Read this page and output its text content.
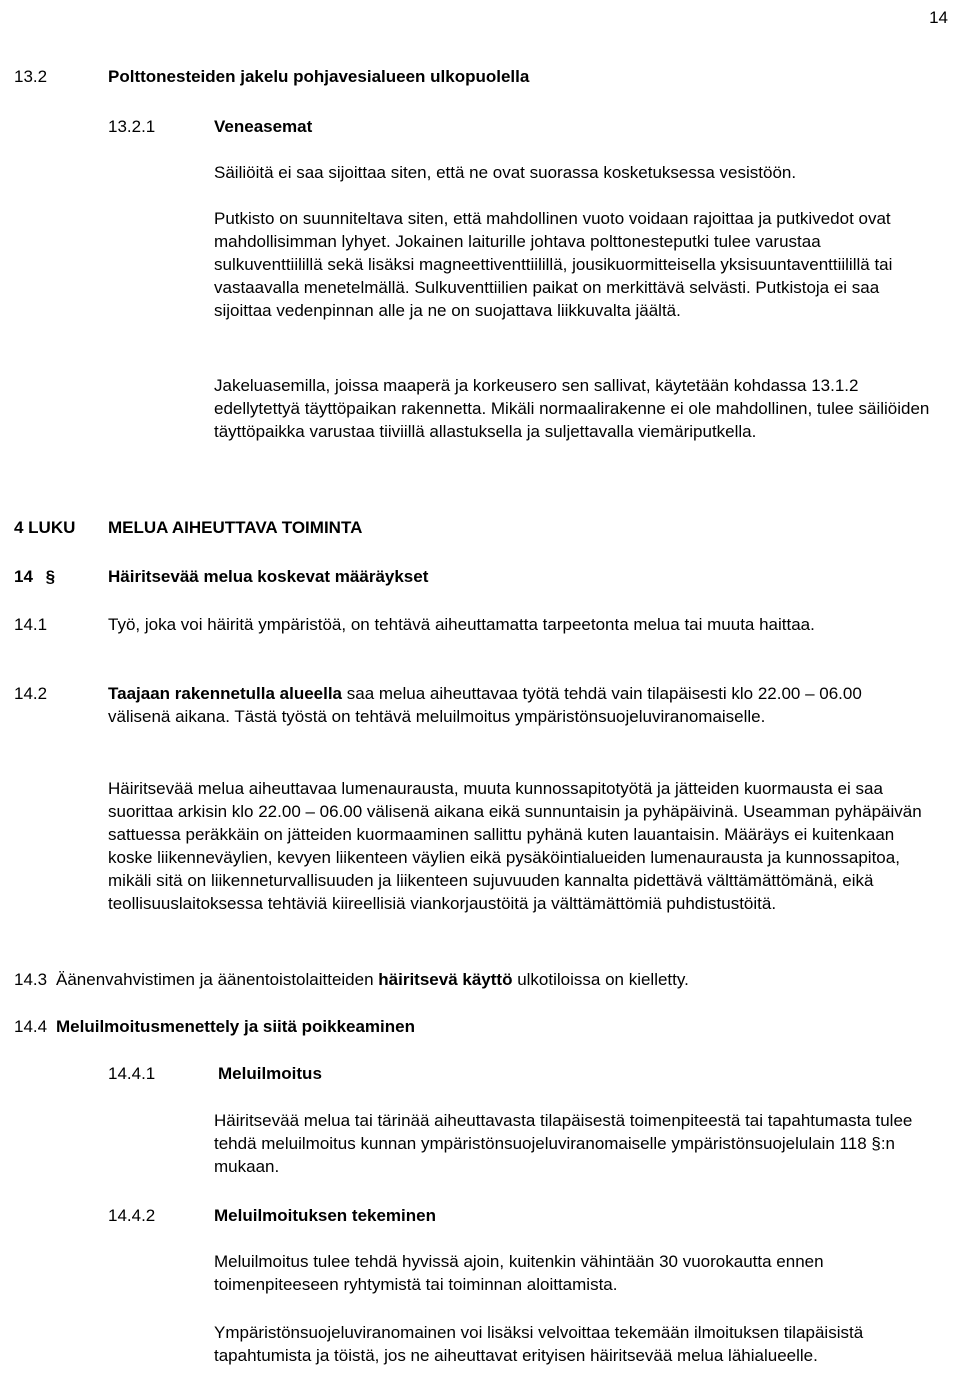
14
13.2	Polttonesteiden jakelu pohjavesialueen ulkopuolella
13.2.1	Veneasemat

Säiliöitä ei saa sijoittaa siten, että ne ovat suorassa kosketuksessa vesistöön.

Putkisto on suunniteltava siten, että mahdollinen vuoto voidaan rajoittaa ja putkivedot ovat mahdollisimman lyhyet. Jokainen laiturille johtava polttonesteputki tulee varustaa sulkuventtiilillä sekä lisäksi magneettiventtiilillä, jousikuormitteisella yksisuuntaventtiilillä tai vastaavalla menetelmällä. Sulkuventtiilien paikat on merkittävä selvästi. Putkistoja ei saa sijoittaa vedenpinnan alle ja ne on suojattava liikkuvalta jäältä.

Jakeluasemilla, joissa maaperä ja korkeusero sen sallivat, käytetään kohdassa 13.1.2 edellytettyä täyttöpaikan rakennetta. Mikäli normaalirakenne ei ole mahdollinen, tulee säiliöiden täyttöpaikka varustaa tiiviillä allastuksella ja suljettavalla viemäriputkella.

4 LUKU MELUA AIHEUTTAVA TOIMINTA
14 §	Häiritsevää melua koskevat määräykset
14.1	Työ, joka voi häiritä ympäristöä, on tehtävä aiheuttamatta tarpeetonta melua tai muuta haittaa.

14.2	Taajaan rakennetulla alueella saa melua aiheuttavaa työtä tehdä vain tilapäisesti klo 22.00 – 06.00 välisenä aikana. Tästä työstä on tehtävä meluilmoitus ympäristönsuojeluviranomaiselle.

Häiritsevää melua aiheuttavaa lumenaurausta, muuta kunnossapitotyötä ja jätteiden kuormausta ei saa suorittaa arkisin klo 22.00 – 06.00 välisenä aikana eikä sunnuntaisin ja pyhäpäivinä. Useamman pyhäpäivän sattuessa peräkkäin on jätteiden kuormaaminen sallittu pyhänä kuten lauantaisin. Määräys ei kuitenkaan koske liikenneväylien, kevyen liikenteen väylien eikä pysäköintialueiden lumenaurausta ja kunnossapitoa, mikäli sitä on liikenneturvallisuuden ja liikenteen sujuvuuden kannalta pidettävä välttämättömänä, eikä teollisuuslaitoksessa tehtäviä kiireellisiä viankorjaustöitä ja välttämättömiä puhdistustöitä.

14.3 Äänenvahvistimen ja äänentoistolaitteiden häiritsevä käyttö ulkotiloissa on kielletty.

14.4 Meluilmoitusmenettely ja siitä poikkeaminen
14.4.1	Meluilmoitus

Häiritsevää melua tai tärinää aiheuttavasta tilapäisestä toimenpiteestä tai tapahtumasta tulee tehdä meluilmoitus kunnan ympäristönsuojeluviranomaiselle ympäristönsuojelulain 118 §:n mukaan.

14.4.2	Meluilmoituksen tekeminen

Meluilmoitus tulee tehdä hyvissä ajoin, kuitenkin vähintään 30 vuorokautta ennen toimenpiteeseen ryhtymistä tai toiminnan aloittamista.

Ympäristönsuojeluviranomainen voi lisäksi velvoittaa tekemään ilmoituksen tilapäisistä tapahtumista ja töistä, jos ne aiheuttavat erityisen häiritsevää melua lähialueelle.
